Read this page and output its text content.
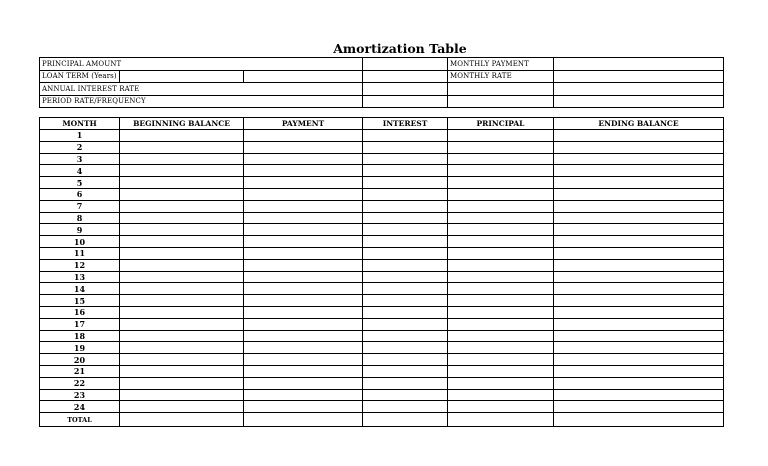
Amortization Table
PRINCIPAL AMOUNT				MONTHLY PAYMENT	
LOAN TERM (Years)				MONTHLY RATE	
ANNUAL INTEREST RATE					
PERIOD RATE/FREQUENCY					
MONTH	BEGINNING BALANCE	PAYMENT	INTEREST	PRINCIPAL	ENDING BALANCE
1					
2					
3					
4					
5					
6					
7					
8					
9					
10					
11					
12					
13					
14					
15					
16					
17					
18					
19					
20					
21					
22					
23					
24					
TOTAL					
